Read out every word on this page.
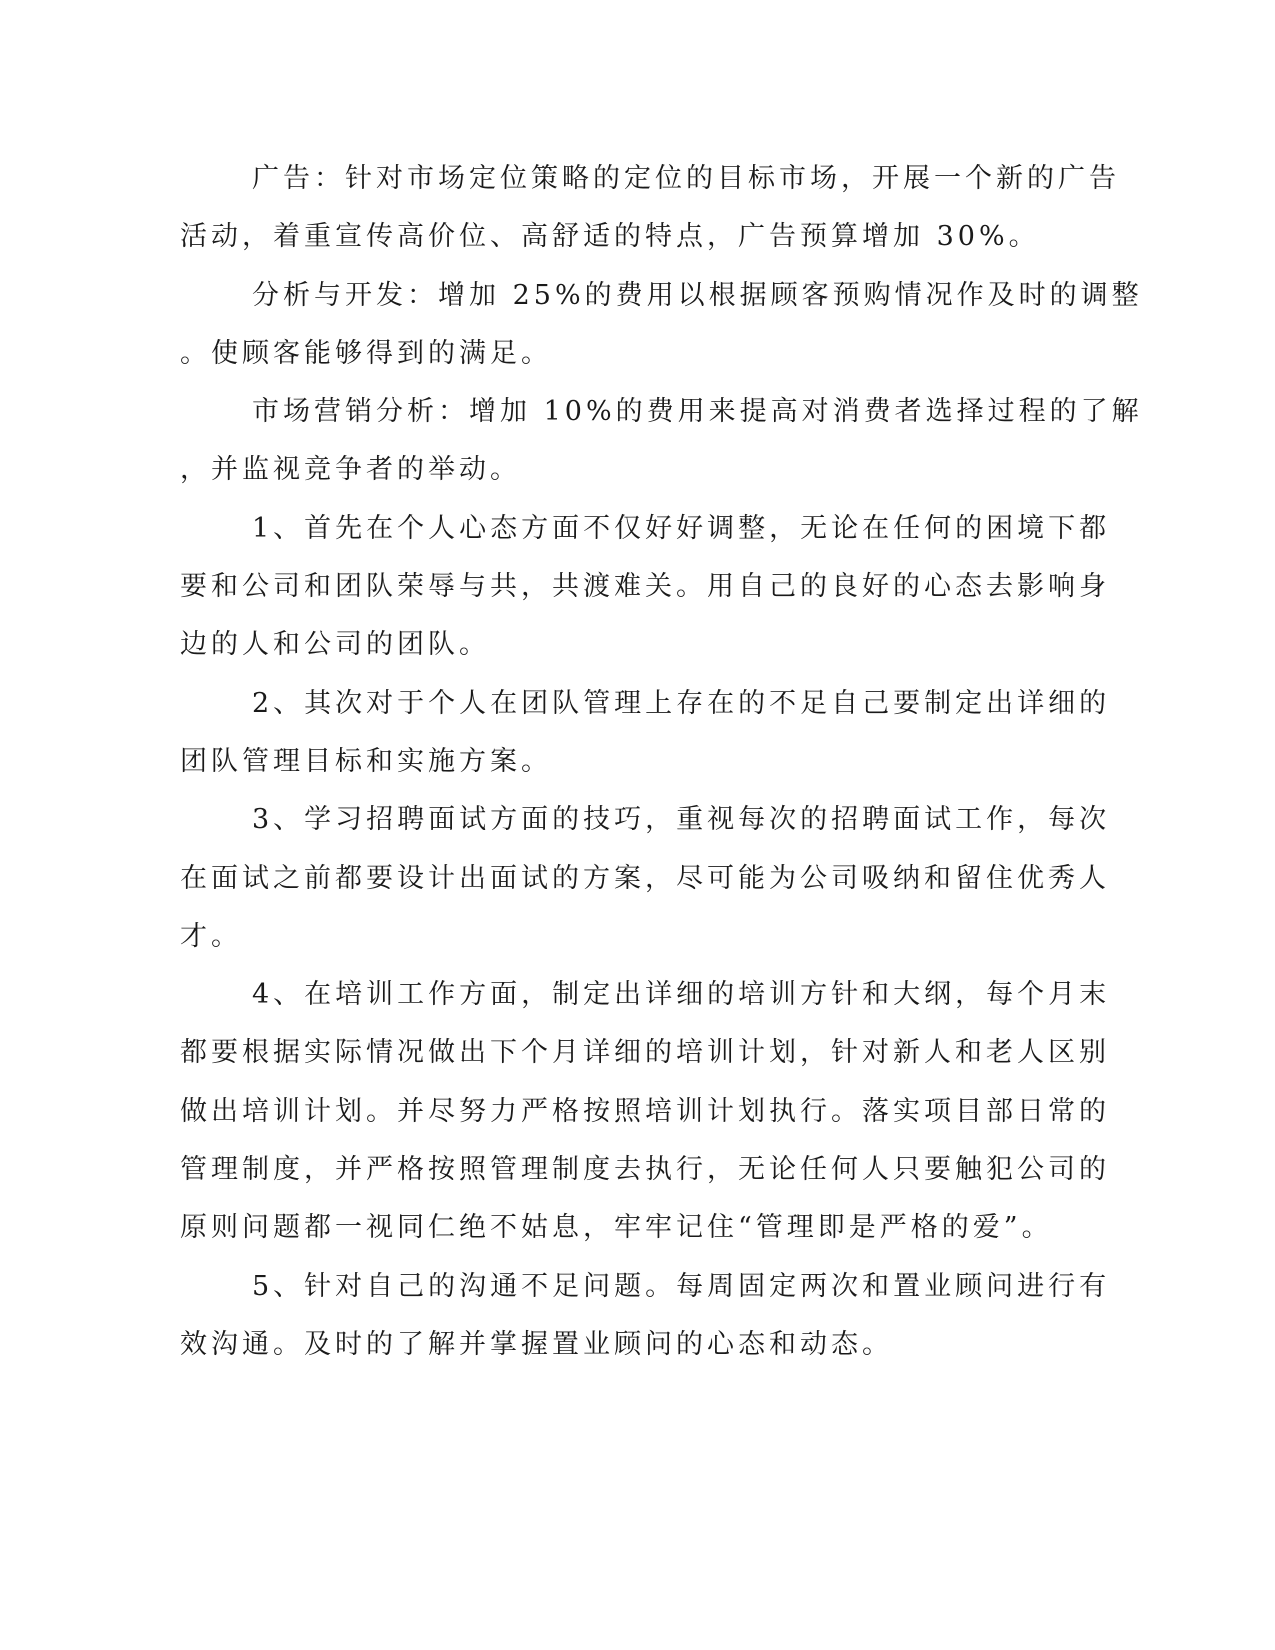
广告：针对市场定位策略的定位的目标市场，开展一个新的广告
活动，着重宣传高价位、高舒适的特点，广告预算增加 30%。

分析与开发：增加 25%的费用以根据顾客预购情况作及时的调整
。使顾客能够得到的满足。

市场营销分析：增加 10%的费用来提高对消费者选择过程的了解
，并监视竞争者的举动。

1、首先在个人心态方面不仅好好调整，无论在任何的困境下都
要和公司和团队荣辱与共，共渡难关。用自己的良好的心态去影响身
边的人和公司的团队。

2、其次对于个人在团队管理上存在的不足自己要制定出详细的
团队管理目标和实施方案。

3、学习招聘面试方面的技巧，重视每次的招聘面试工作，每次
在面试之前都要设计出面试的方案，尽可能为公司吸纳和留住优秀人
才。

4、在培训工作方面，制定出详细的培训方针和大纲，每个月末
都要根据实际情况做出下个月详细的培训计划，针对新人和老人区别
做出培训计划。并尽努力严格按照培训计划执行。落实项目部日常的
管理制度，并严格按照管理制度去执行，无论任何人只要触犯公司的
原则问题都一视同仁绝不姑息，牢牢记住“管理即是严格的爱”。

5、针对自己的沟通不足问题。每周固定两次和置业顾问进行有
效沟通。及时的了解并掌握置业顾问的心态和动态。
